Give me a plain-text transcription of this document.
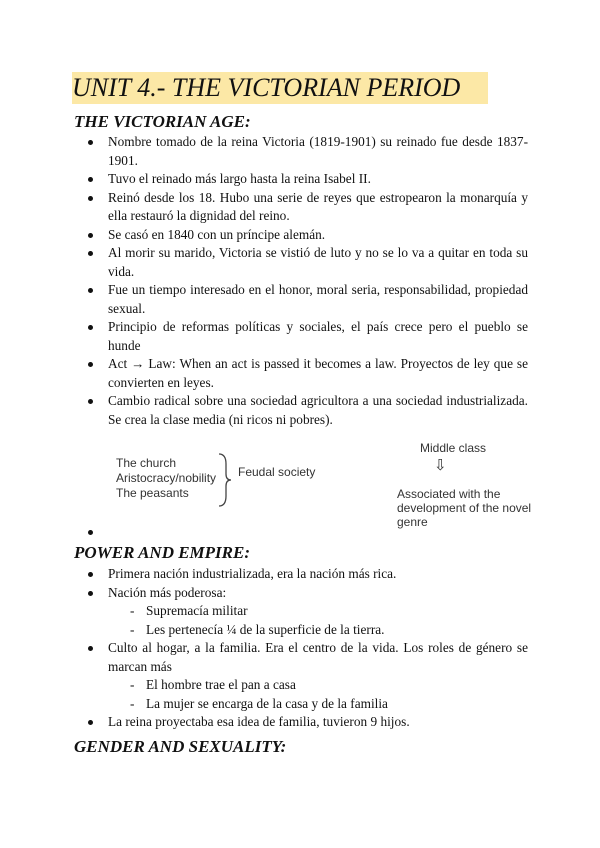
UNIT 4.- THE VICTORIAN PERIOD
THE VICTORIAN AGE:
Nombre tomado de la reina Victoria (1819-1901) su reinado fue desde 1837-1901.
Tuvo el reinado más largo hasta la reina Isabel II.
Reinó desde los 18. Hubo una serie de reyes que estropearon la monarquía y ella restauró la dignidad del reino.
Se casó en 1840 con un príncipe alemán.
Al morir su marido, Victoria se vistió de luto y no se lo va a quitar en toda su vida.
Fue un tiempo interesado en el honor, moral seria, responsabilidad, propiedad sexual.
Principio de reformas políticas y sociales, el país crece pero el pueblo se hunde
Act → Law: When an act is passed it becomes a law. Proyectos de ley que se convierten en leyes.
Cambio radical sobre una sociedad agricultora a una sociedad industrializada. Se crea la clase media (ni ricos ni pobres).
The church
Aristocracy/nobility
The peasants
Feudal society
Middle class
⇩
Associated with the
development of the novel
genre
POWER AND EMPIRE:
Primera nación industrializada, era la nación más rica.
Nación más poderosa:
- Supremacía militar
- Les pertenecía ¼ de la superficie de la tierra.
Culto al hogar, a la familia. Era el centro de la vida. Los roles de género se marcan más
- El hombre trae el pan a casa
- La mujer se encarga de la casa y de la familia
La reina proyectaba esa idea de familia, tuvieron 9 hijos.
GENDER AND SEXUALITY:
